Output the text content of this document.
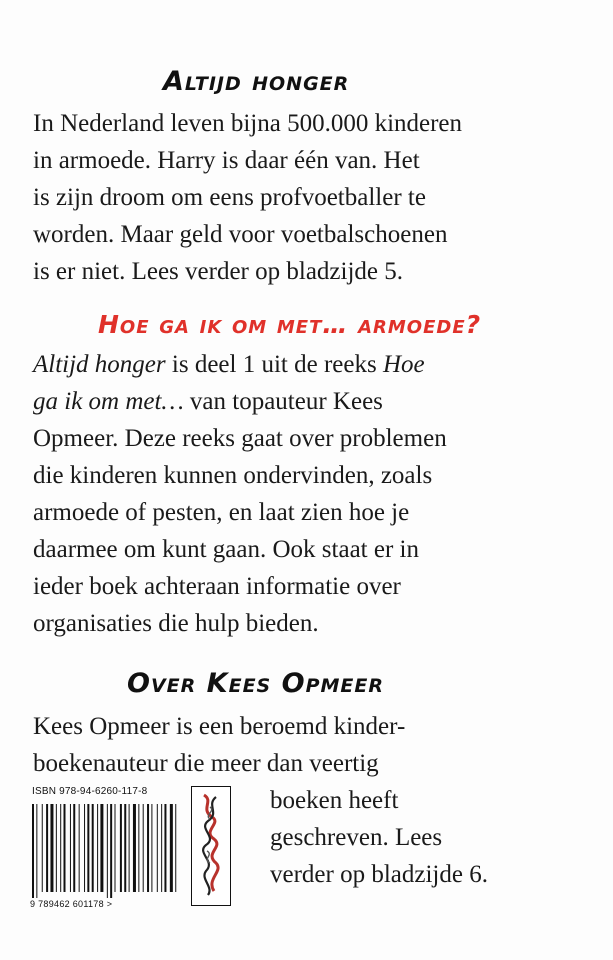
Altijd honger
In Nederland leven bijna 500.000 kinderen
in armoede. Harry is daar één van. Het
is zijn droom om eens profvoetballer te
worden. Maar geld voor voetbalschoenen
is er niet. Lees verder op bladzijde 5.
Hoe ga ik om met… armoede?
Altijd honger is deel 1 uit de reeks Hoe
ga ik om met… van topauteur Kees
Opmeer. Deze reeks gaat over problemen
die kinderen kunnen ondervinden, zoals
armoede of pesten, en laat zien hoe je
daarmee om kunt gaan. Ook staat er in
ieder boek achteraan informatie over
organisaties die hulp bieden.
Over Kees Opmeer
Kees Opmeer is een beroemd kinder-
boekenauteur die meer dan veertig
boeken heeft
geschreven. Lees
verder op bladzijde 6.
ISBN 978-94-6260-117-8
9 789462 601178 >
